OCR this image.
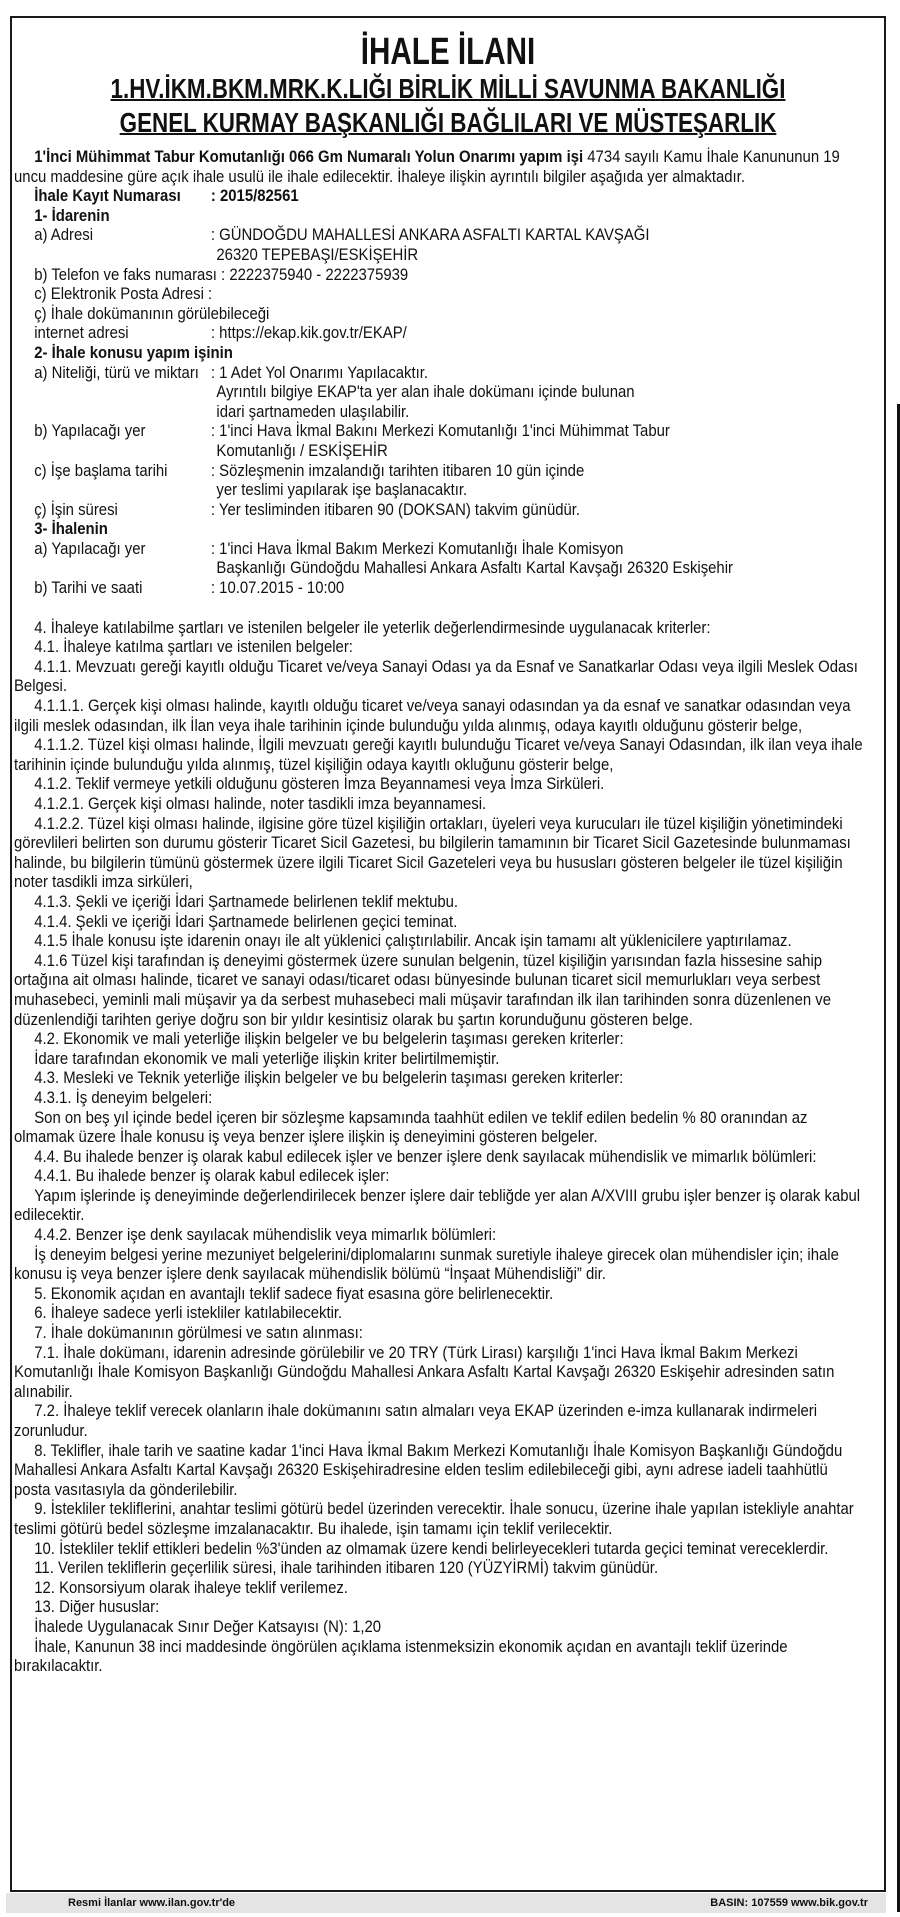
İHALE İLANI
1.HV.İKM.BKM.MRK.K.LIĞI BİRLİK MİLLİ SAVUNMA BAKANLIĞI
GENEL KURMAY BAŞKANLIĞI BAĞLILARI VE MÜSTEŞARLIK

1'İnci Mühimmat Tabur Komutanlığı 066 Gm Numaralı Yolun Onarımı yapım işi 4734 sayılı Kamu İhale Kanununun 19 uncu maddesine güre açık ihale usulü ile ihale edilecektir. İhaleye ilişkin ayrıntılı bilgiler aşağıda yer almaktadır.

İhale Kayıt Numarası	: 2015/82561
1- İdarenin
a) Adresi	: GÜNDOĞDU MAHALLESİ ANKARA ASFALTI KARTAL KAVŞAĞI
26320 TEPEBAŞI/ESKİŞEHİR
b) Telefon ve faks numarası : 2222375940 - 2222375939
c) Elektronik Posta Adresi :
ç) İhale dokümanının görülebileceği
internet adresi	: https://ekap.kik.gov.tr/EKAP/
2- İhale konusu yapım işinin
a) Niteliği, türü ve miktarı : 1 Adet Yol Onarımı Yapılacaktır.
Ayrıntılı bilgiye EKAP'ta yer alan ihale dokümanı içinde bulunan
idari şartnameden ulaşılabilir.
b) Yapılacağı yer	: 1'inci Hava İkmal Bakını Merkezi Komutanlığı 1'inci Mühimmat Tabur
Komutanlığı / ESKİŞEHİR
c) İşe başlama tarihi	: Sözleşmenin imzalandığı tarihten itibaren 10 gün içinde
yer teslimi yapılarak işe başlanacaktır.
ç) İşin süresi	: Yer tesliminden itibaren 90 (DOKSAN) takvim günüdür.
3- İhalenin
a) Yapılacağı yer	: 1'inci Hava İkmal Bakım Merkezi Komutanlığı İhale Komisyon
Başkanlığı Gündoğdu Mahallesi Ankara Asfaltı Kartal Kavşağı 26320 Eskişehir
b) Tarihi ve saati	: 10.07.2015 - 10:00

4. İhaleye katılabilme şartları ve istenilen belgeler ile yeterlik değerlendirmesinde uygulanacak kriterler:

4.1. İhaleye katılma şartları ve istenilen belgeler:

4.1.1. Mevzuatı gereği kayıtlı olduğu Ticaret ve/veya Sanayi Odası ya da Esnaf ve Sanatkarlar Odası veya ilgili Meslek Odası Belgesi.

4.1.1.1. Gerçek kişi olması halinde, kayıtlı olduğu ticaret ve/veya sanayi odasından ya da esnaf ve sanatkar odasından veya ilgili meslek odasından, ilk İlan veya ihale tarihinin içinde bulunduğu yılda alınmış, odaya kayıtlı olduğunu gösterir belge,

4.1.1.2. Tüzel kişi olması halinde, İlgili mevzuatı gereği kayıtlı bulunduğu Ticaret ve/veya Sanayi Odasından, ilk ilan veya ihale tarihinin içinde bulunduğu yılda alınmış, tüzel kişiliğin odaya kayıtlı okluğunu gösterir belge,

4.1.2. Teklif vermeye yetkili olduğunu gösteren İmza Beyannamesi veya İmza Sirküleri.

4.1.2.1. Gerçek kişi olması halinde, noter tasdikli imza beyannamesi.

4.1.2.2. Tüzel kişi olması halinde, ilgisine göre tüzel kişiliğin ortakları, üyeleri veya kurucuları ile tüzel kişiliğin yönetimindeki görevlileri belirten son durumu gösterir Ticaret Sicil Gazetesi, bu bilgilerin tamamının bir Ticaret Sicil Gazetesinde bulunmaması halinde, bu bilgilerin tümünü göstermek üzere ilgili Ticaret Sicil Gazeteleri veya bu hususları gösteren belgeler ile tüzel kişiliğin noter tasdikli imza sirküleri,

4.1.3. Şekli ve içeriği İdari Şartnamede belirlenen teklif mektubu.

4.1.4. Şekli ve içeriği İdari Şartnamede belirlenen geçici teminat.

4.1.5 İhale konusu işte idarenin onayı ile alt yüklenici çalıştırılabilir. Ancak işin tamamı alt yüklenicilere yaptırılamaz.

4.1.6 Tüzel kişi tarafından iş deneyimi göstermek üzere sunulan belgenin, tüzel kişiliğin yarısından fazla hissesine sahip ortağına ait olması halinde, ticaret ve sanayi odası/ticaret odası bünyesinde bulunan ticaret sicil memurlukları veya serbest muhasebeci, yeminli mali müşavir ya da serbest muhasebeci mali müşavir tarafından ilk ilan tarihinden sonra düzenlenen ve düzenlendiği tarihten geriye doğru son bir yıldır kesintisiz olarak bu şartın korunduğunu gösteren belge.

4.2. Ekonomik ve mali yeterliğe ilişkin belgeler ve bu belgelerin taşıması gereken kriterler:

İdare tarafından ekonomik ve mali yeterliğe ilişkin kriter belirtilmemiştir.

4.3. Mesleki ve Teknik yeterliğe ilişkin belgeler ve bu belgelerin taşıması gereken kriterler:

4.3.1. İş deneyim belgeleri:

Son on beş yıl içinde bedel içeren bir sözleşme kapsamında taahhüt edilen ve teklif edilen bedelin % 80 oranından az olmamak üzere İhale konusu iş veya benzer işlere ilişkin iş deneyimini gösteren belgeler.

4.4. Bu ihalede benzer iş olarak kabul edilecek işler ve benzer işlere denk sayılacak mühendislik ve mimarlık bölümleri:

4.4.1. Bu ihalede benzer iş olarak kabul edilecek işler:

Yapım işlerinde iş deneyiminde değerlendirilecek benzer işlere dair tebliğde yer alan A/XVIII grubu işler benzer iş olarak kabul edilecektir.

4.4.2. Benzer işe denk sayılacak mühendislik veya mimarlık bölümleri:

İş deneyim belgesi yerine mezuniyet belgelerini/diplomalarını sunmak suretiyle ihaleye girecek olan mühendisler için; ihale konusu iş veya benzer işlere denk sayılacak mühendislik bölümü “İnşaat Mühendisliği” dir.

5. Ekonomik açıdan en avantajlı teklif sadece fiyat esasına göre belirlenecektir.

6. İhaleye sadece yerli istekliler katılabilecektir.

7. İhale dokümanının görülmesi ve satın alınması:

7.1. İhale dokümanı, idarenin adresinde görülebilir ve 20 TRY (Türk Lirası) karşılığı 1'inci Hava İkmal Bakım Merkezi Komutanlığı İhale Komisyon Başkanlığı Gündoğdu Mahallesi Ankara Asfaltı Kartal Kavşağı 26320 Eskişehir adresinden satın alınabilir.

7.2. İhaleye teklif verecek olanların ihale dokümanını satın almaları veya EKAP üzerinden e-imza kullanarak indirmeleri zorunludur.

8. Teklifler, ihale tarih ve saatine kadar 1'inci Hava İkmal Bakım Merkezi Komutanlığı İhale Komisyon Başkanlığı Gündoğdu Mahallesi Ankara Asfaltı Kartal Kavşağı 26320 Eskişehiradresine elden teslim edilebileceği gibi, aynı adrese iadeli taahhütlü posta vasıtasıyla da gönderilebilir.

9. İstekliler tekliflerini, anahtar teslimi götürü bedel üzerinden verecektir. İhale sonucu, üzerine ihale yapılan istekliyle anahtar teslimi götürü bedel sözleşme imzalanacaktır. Bu ihalede, işin tamamı için teklif verilecektir.

10. İstekliler teklif ettikleri bedelin %3'ünden az olmamak üzere kendi belirleyecekleri tutarda geçici teminat vereceklerdir.

11. Verilen tekliflerin geçerlilik süresi, ihale tarihinden itibaren 120 (YÜZYİRMİ) takvim günüdür.

12. Konsorsiyum olarak ihaleye teklif verilemez.

13. Diğer hususlar:

İhalede Uygulanacak Sınır Değer Katsayısı (N): 1,20

İhale, Kanunun 38 inci maddesinde öngörülen açıklama istenmeksizin ekonomik açıdan en avantajlı teklif üzerinde bırakılacaktır.

Resmi İlanlar www.ilan.gov.tr'de	BASIN: 107559 www.bik.gov.tr
